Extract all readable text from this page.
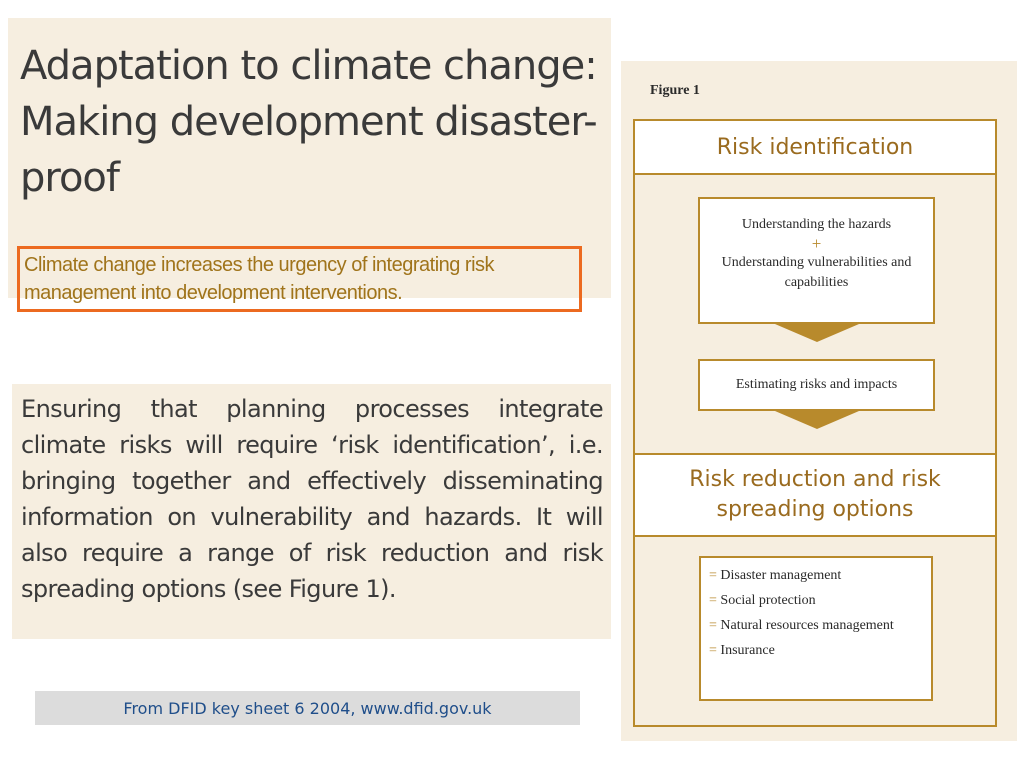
Adaptation to climate change: Making development disaster-proof
Climate change increases the urgency of integrating risk management into development interventions.
Ensuring that planning processes integrate climate risks will require ‘risk identification’, i.e. bringing together and effectively disseminating information on vulnerability and hazards. It will also require a range of risk reduction and risk spreading options (see Figure 1).
From DFID key sheet 6 2004, www.dfid.gov.uk
Figure 1
Risk identification
Understanding the hazards
+
Understanding vulnerabilities and capabilities
Estimating risks and impacts
Risk reduction and risk spreading options
= Disaster management
= Social protection
= Natural resources management
= Insurance
